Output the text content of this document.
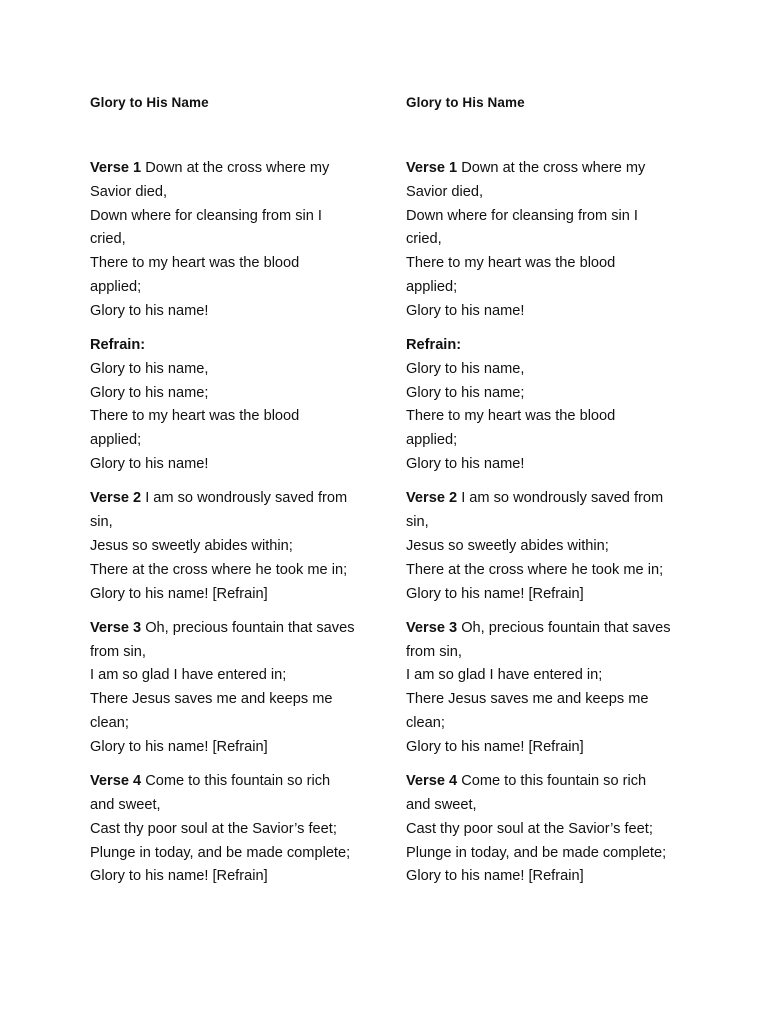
Glory to His Name
Verse 1 Down at the cross where my
Savior died,
Down where for cleansing from sin I
cried,
There to my heart was the blood
applied;
Glory to his name!
Refrain:
Glory to his name,
Glory to his name;
There to my heart was the blood
applied;
Glory to his name!
Verse 2 I am so wondrously saved from
sin,
Jesus so sweetly abides within;
There at the cross where he took me in;
Glory to his name! [Refrain]
Verse 3 Oh, precious fountain that saves
from sin,
I am so glad I have entered in;
There Jesus saves me and keeps me
clean;
Glory to his name! [Refrain]
Verse 4 Come to this fountain so rich
and sweet,
Cast thy poor soul at the Savior’s feet;
Plunge in today, and be made complete;
Glory to his name! [Refrain]
Glory to His Name
Verse 1 Down at the cross where my
Savior died,
Down where for cleansing from sin I
cried,
There to my heart was the blood
applied;
Glory to his name!
Refrain:
Glory to his name,
Glory to his name;
There to my heart was the blood
applied;
Glory to his name!
Verse 2 I am so wondrously saved from
sin,
Jesus so sweetly abides within;
There at the cross where he took me in;
Glory to his name! [Refrain]
Verse 3 Oh, precious fountain that saves
from sin,
I am so glad I have entered in;
There Jesus saves me and keeps me
clean;
Glory to his name! [Refrain]
Verse 4 Come to this fountain so rich
and sweet,
Cast thy poor soul at the Savior’s feet;
Plunge in today, and be made complete;
Glory to his name! [Refrain]
